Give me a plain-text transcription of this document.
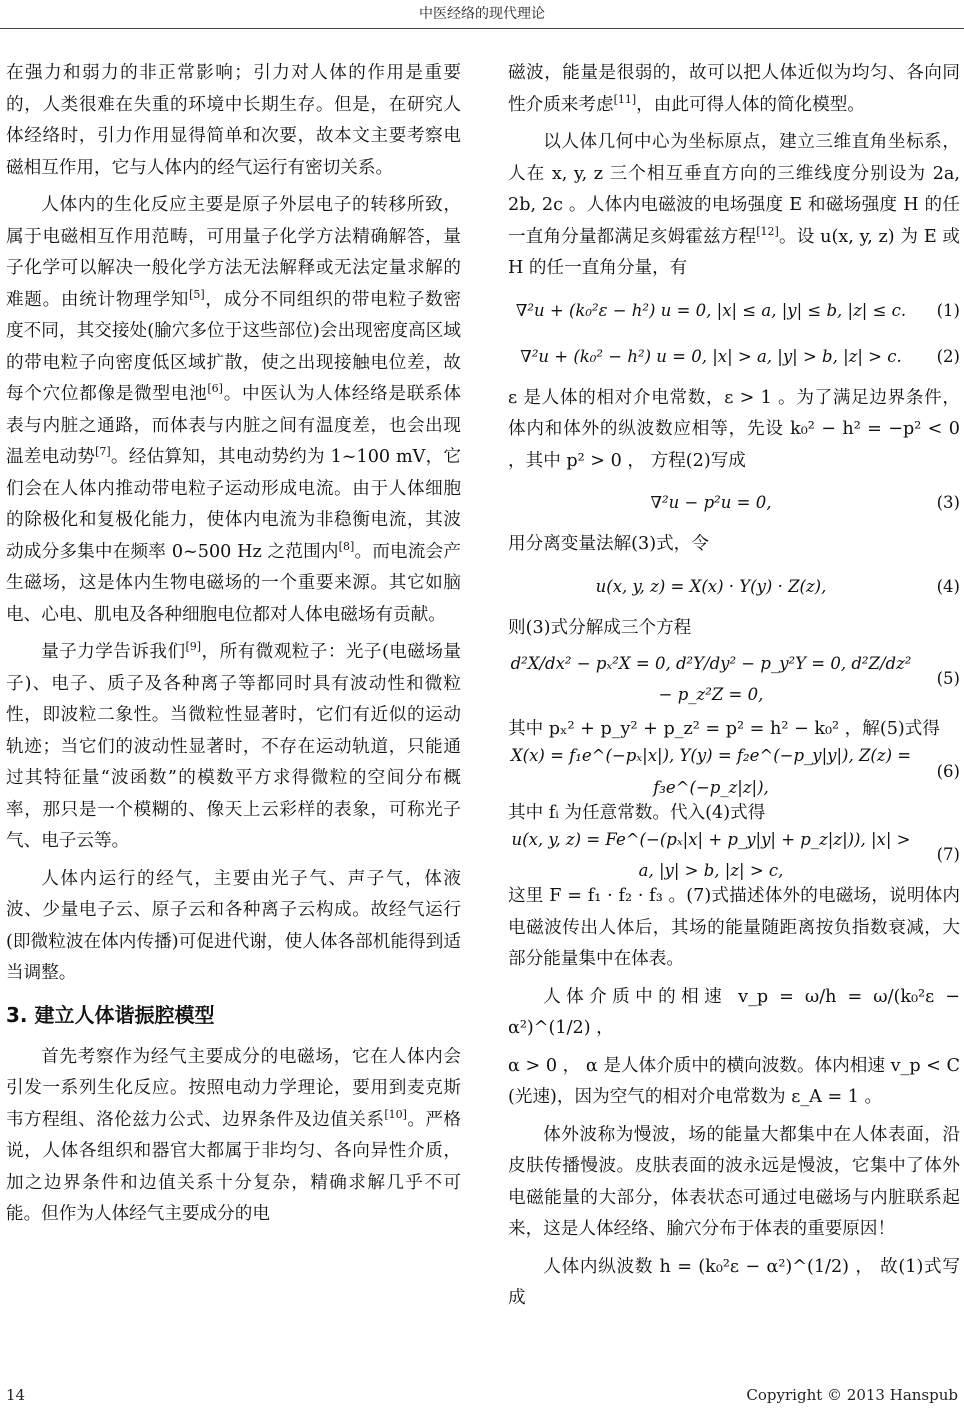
中医经络的现代理论

在强力和弱力的非正常影响；引力对人体的作用是重要的，人类很难在失重的环境中长期生存。但是，在研究人体经络时，引力作用显得简单和次要，故本文主要考察电磁相互作用，它与人体内的经气运行有密切关系。

人体内的生化反应主要是原子外层电子的转移所致，属于电磁相互作用范畴，可用量子化学方法精确解答，量子化学可以解决一般化学方法无法解释或无法定量求解的难题。由统计物理学知[5]，成分不同组织的带电粒子数密度不同，其交接处(腧穴多位于这些部位)会出现密度高区域的带电粒子向密度低区域扩散，使之出现接触电位差，故每个穴位都像是微型电池[6]。中医认为人体经络是联系体表与内脏之通路，而体表与内脏之间有温度差，也会出现温差电动势[7]。经估算知，其电动势约为 1~100 mV，它们会在人体内推动带电粒子运动形成电流。由于人体细胞的除极化和复极化能力，使体内电流为非稳衡电流，其波动成分多集中在频率 0~500 Hz 之范围内[8]。而电流会产生磁场，这是体内生物电磁场的一个重要来源。其它如脑电、心电、肌电及各种细胞电位都对人体电磁场有贡献。

量子力学告诉我们[9]，所有微观粒子：光子(电磁场量子)、电子、质子及各种离子等都同时具有波动性和微粒性，即波粒二象性。当微粒性显著时，它们有近似的运动轨迹；当它们的波动性显著时，不存在运动轨道，只能通过其特征量“波函数”的模数平方求得微粒的空间分布概率，那只是一个模糊的、像天上云彩样的表象，可称光子气、电子云等。

人体内运行的经气，主要由光子气、声子气，体液波、少量电子云、原子云和各种离子云构成。故经气运行(即微粒波在体内传播)可促进代谢，使人体各部机能得到适当调整。

3. 建立人体谐振腔模型

首先考察作为经气主要成分的电磁场，它在人体内会引发一系列生化反应。按照电动力学理论，要用到麦克斯韦方程组、洛伦兹力公式、边界条件及边值关系[10]。严格说，人体各组织和器官大都属于非均匀、各向异性介质，加之边界条件和边值关系十分复杂，精确求解几乎不可能。但作为人体经气主要成分的电

磁波，能量是很弱的，故可以把人体近似为均匀、各向同性介质来考虑[11]，由此可得人体的简化模型。

以人体几何中心为坐标原点，建立三维直角坐标系，人在 x, y, z 三个相互垂直方向的三维线度分别设为 2a, 2b, 2c 。人体内电磁波的电场强度 E 和磁场强度 H 的任一直角分量都满足亥姆霍兹方程[12]。设 u(x, y, z) 为 E 或 H 的任一直角分量，有

∇²u + (k₀²ε − h²) u = 0, |x| ≤ a, |y| ≤ b, |z| ≤ c.	(1)
∇²u + (k₀² − h²) u = 0, |x| > a, |y| > b, |z| > c.	(2)

ε 是人体的相对介电常数，ε > 1 。为了满足边界条件，体内和体外的纵波数应相等，先设 k₀² − h² = −p² < 0 ，其中 p² > 0 ， 方程(2)写成

∇²u − p²u = 0,	(3)

用分离变量法解(3)式，令

u(x, y, z) = X(x) · Y(y) · Z(z),	(4)

则(3)式分解成三个方程

d²X/dx² − pₓ²X = 0, d²Y/dy² − p_y²Y = 0, d²Z/dz² − p_z²Z = 0,
(5)

其中 pₓ² + p_y² + p_z² = p² = h² − k₀² ，解(5)式得

X(x) = f₁e^(−pₓ|x|), Y(y) = f₂e^(−p_y|y|), Z(z) = f₃e^(−p_z|z|),
(6)

其中 fᵢ 为任意常数。代入(4)式得

u(x, y, z) = Fe^(−(pₓ|x| + p_y|y| + p_z|z|)), |x| > a, |y| > b, |z| > c,
(7)

这里 F = f₁ · f₂ · f₃ 。(7)式描述体外的电磁场，说明体内电磁波传出人体后，其场的能量随距离按负指数衰减，大部分能量集中在体表。

人体介质中的相速 v_p = ω/h = ω/(k₀²ε − α²)^(1/2) ，

α > 0 ， α 是人体介质中的横向波数。体内相速 v_p < C (光速)，因为空气的相对介电常数为 ε_A = 1 。

体外波称为慢波，场的能量大都集中在人体表面，沿皮肤传播慢波。皮肤表面的波永远是慢波，它集中了体外电磁能量的大部分，体表状态可通过电磁场与内脏联系起来，这是人体经络、腧穴分布于体表的重要原因！

人体内纵波数 h = (k₀²ε − α²)^(1/2) ， 故(1)式写成

14	Copyright © 2013 Hanspub
